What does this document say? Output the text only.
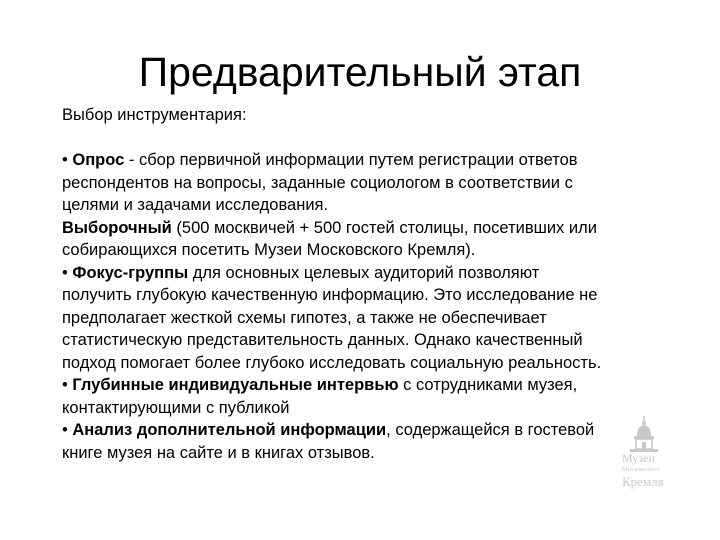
Предварительный этап

Выбор инструментария:

• Опрос - сбор первичной информации путем регистрации ответов респондентов на вопросы, заданные социологом в соответствии с целями и задачами исследования.

Выборочный (500 москвичей + 500 гостей столицы, посетивших или собирающихся посетить Музеи Московского Кремля).

• Фокус-группы для основных целевых аудиторий позволяют получить глубокую качественную информацию. Это исследование не предполагает жесткой схемы гипотез, а также не обеспечивает статистическую представительность данных. Однако качественный подход помогает более глубоко исследовать социальную реальность.

• Глубинные индивидуальные интервью с сотрудниками музея, контактирующими с публикой

• Анализ дополнительной информации, содержащейся в гостевой книге музея на сайте и в книгах отзывов.	Музеи
Московского
Кремля
